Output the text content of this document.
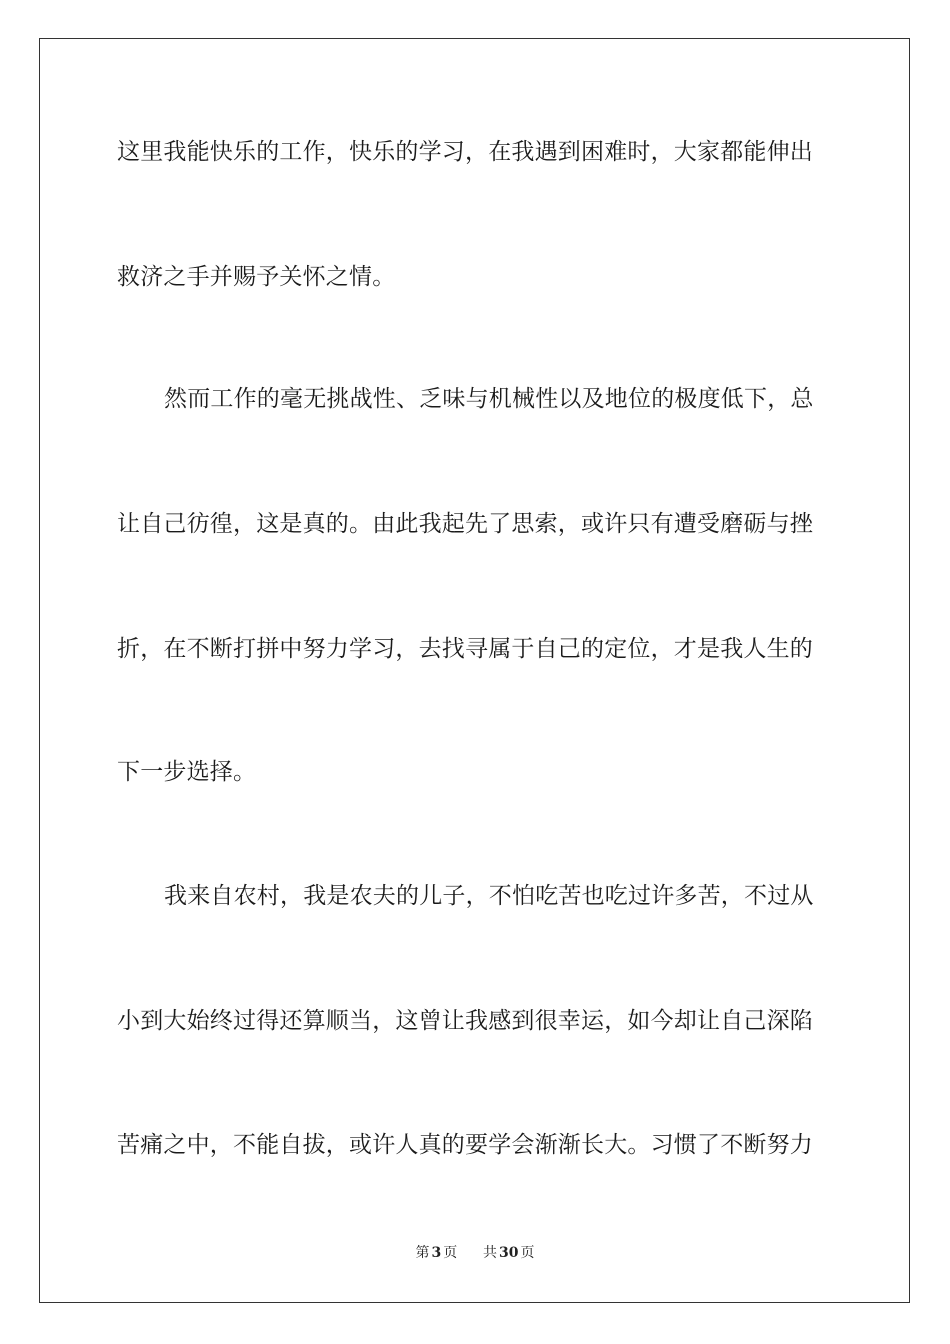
这里我能快乐的工作，快乐的学习，在我遇到困难时，大家都能伸出
救济之手并赐予关怀之情。
然而工作的毫无挑战性、乏味与机械性以及地位的极度低下，总
让自己彷徨，这是真的。由此我起先了思索，或许只有遭受磨砺与挫
折，在不断打拼中努力学习，去找寻属于自己的定位，才是我人生的
下一步选择。
我来自农村，我是农夫的儿子，不怕吃苦也吃过许多苦，不过从
小到大始终过得还算顺当，这曾让我感到很幸运，如今却让自己深陷
苦痛之中，不能自拔，或许人真的要学会渐渐长大。习惯了不断努力
第 3 页 共 30 页
